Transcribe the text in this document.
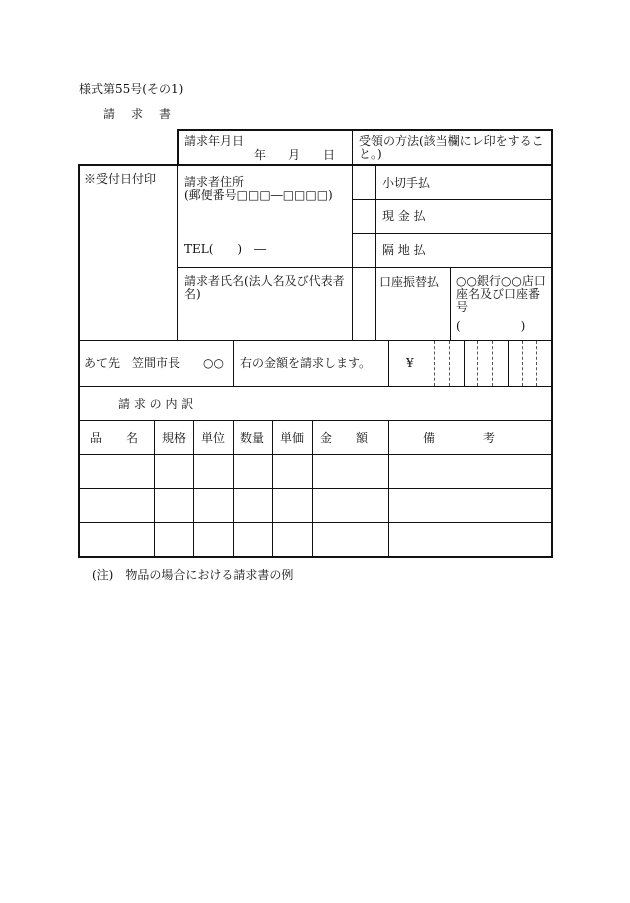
様式第55号(その1)
請　求　書
請求年月日
年 月 日
受領の方法(該当欄にレ印をすること。)
※受付日付印 請求者住所
(郵便番号□□□―□□□□)
TEL(　　)　―
請求者氏名(法人名及び代表者名)
小切手払
現 金 払
隔 地 払
口座振替払 ○○銀行○○店口座名及び口座番号
(　　　　　)
あて先　笠間市長 ○○ 右の金額を請求します。	¥
請 求 の 内 訳
品　　名 規格 単位 数量 単価 金　　額	備　　　　考
(注)　物品の場合における請求書の例
